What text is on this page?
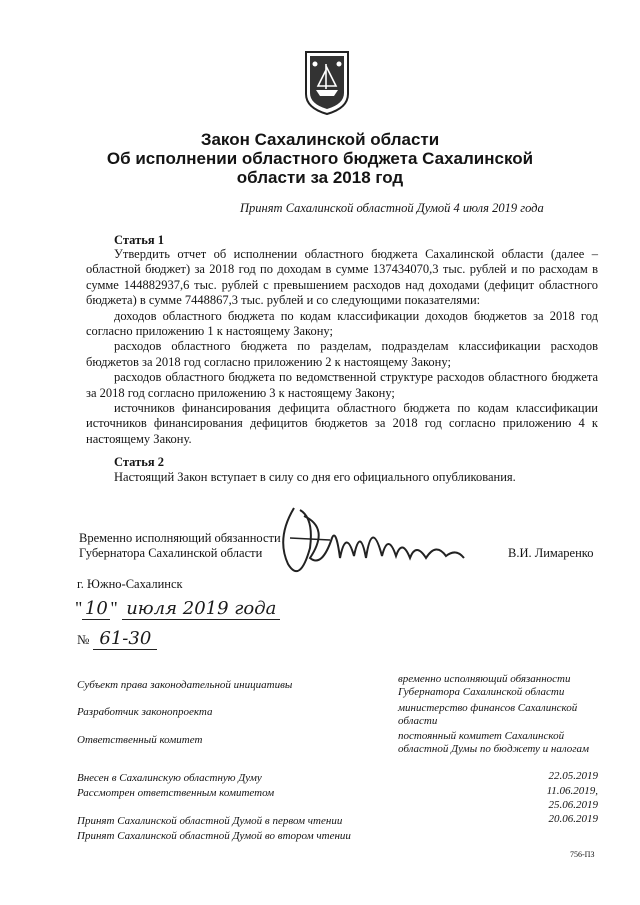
Закон Сахалинской области
Об исполнении областного бюджета Сахалинской
области за 2018 год
Принят Сахалинской областной Думой 4 июля 2019 года
Статья 1

Утвердить отчет об исполнении областного бюджета Сахалинской области (далее – областной бюджет) за 2018 год по доходам в сумме 137434070,3 тыс. рублей и по расходам в сумме 144882937,6 тыс. рублей с превышением расходов над доходами (дефицит областного бюджета) в сумме 7448867,3 тыс. рублей и со следующими показателями:

доходов областного бюджета по кодам классификации доходов бюджетов за 2018 год согласно приложению 1 к настоящему Закону;

расходов областного бюджета по разделам, подразделам классификации расходов бюджетов за 2018 год согласно приложению 2 к настоящему Закону;

расходов областного бюджета по ведомственной структуре расходов областного бюджета за 2018 год согласно приложению 3 к настоящему Закону;

источников финансирования дефицита областного бюджета по кодам классификации источников финансирования дефицитов бюджетов за 2018 год согласно приложению 4 к настоящему Закону.

Статья 2
Настоящий Закон вступает в силу со дня его официального опубликования.
Временно исполняющий обязанности
Губернатора Сахалинской области	В.И. Лимаренко
г. Южно-Сахалинск
" 10 " июля 2019 года
№ 61-30
Субъект права законодательной инициативы	временно исполняющий обязанности Губернатора Сахалинской области
Разработчик законопроекта	министерство финансов Сахалинской области
Ответственный комитет	постоянный комитет Сахалинской областной Думы по бюджету и налогам
Внесен в Сахалинскую областную Думу	22.05.2019
Рассмотрен ответственным комитетом	11.06.2019,
25.06.2019
Принят Сахалинской областной Думой в первом чтении	20.06.2019
Принят Сахалинской областной Думой во втором чтении
756-ПЗ
